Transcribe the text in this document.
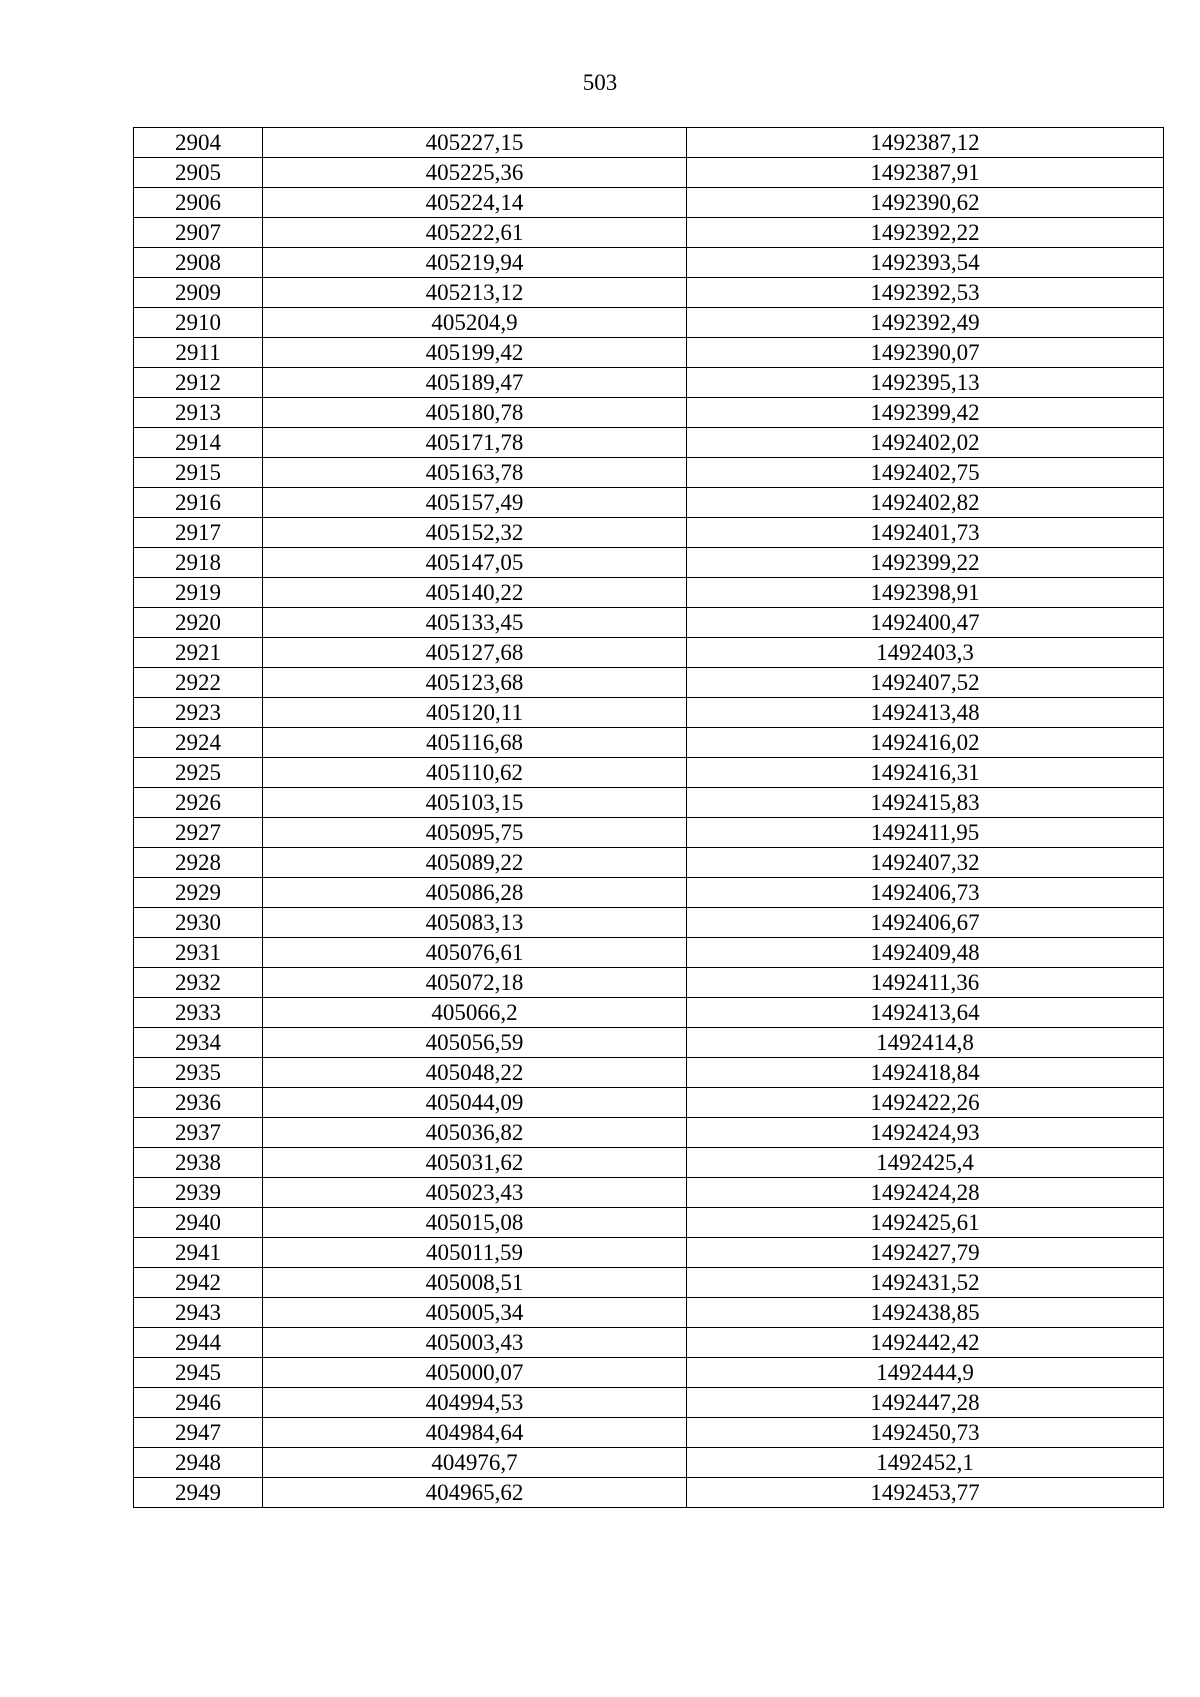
503
2904	405227,15	1492387,12
2905	405225,36	1492387,91
2906	405224,14	1492390,62
2907	405222,61	1492392,22
2908	405219,94	1492393,54
2909	405213,12	1492392,53
2910	405204,9	1492392,49
2911	405199,42	1492390,07
2912	405189,47	1492395,13
2913	405180,78	1492399,42
2914	405171,78	1492402,02
2915	405163,78	1492402,75
2916	405157,49	1492402,82
2917	405152,32	1492401,73
2918	405147,05	1492399,22
2919	405140,22	1492398,91
2920	405133,45	1492400,47
2921	405127,68	1492403,3
2922	405123,68	1492407,52
2923	405120,11	1492413,48
2924	405116,68	1492416,02
2925	405110,62	1492416,31
2926	405103,15	1492415,83
2927	405095,75	1492411,95
2928	405089,22	1492407,32
2929	405086,28	1492406,73
2930	405083,13	1492406,67
2931	405076,61	1492409,48
2932	405072,18	1492411,36
2933	405066,2	1492413,64
2934	405056,59	1492414,8
2935	405048,22	1492418,84
2936	405044,09	1492422,26
2937	405036,82	1492424,93
2938	405031,62	1492425,4
2939	405023,43	1492424,28
2940	405015,08	1492425,61
2941	405011,59	1492427,79
2942	405008,51	1492431,52
2943	405005,34	1492438,85
2944	405003,43	1492442,42
2945	405000,07	1492444,9
2946	404994,53	1492447,28
2947	404984,64	1492450,73
2948	404976,7	1492452,1
2949	404965,62	1492453,77
